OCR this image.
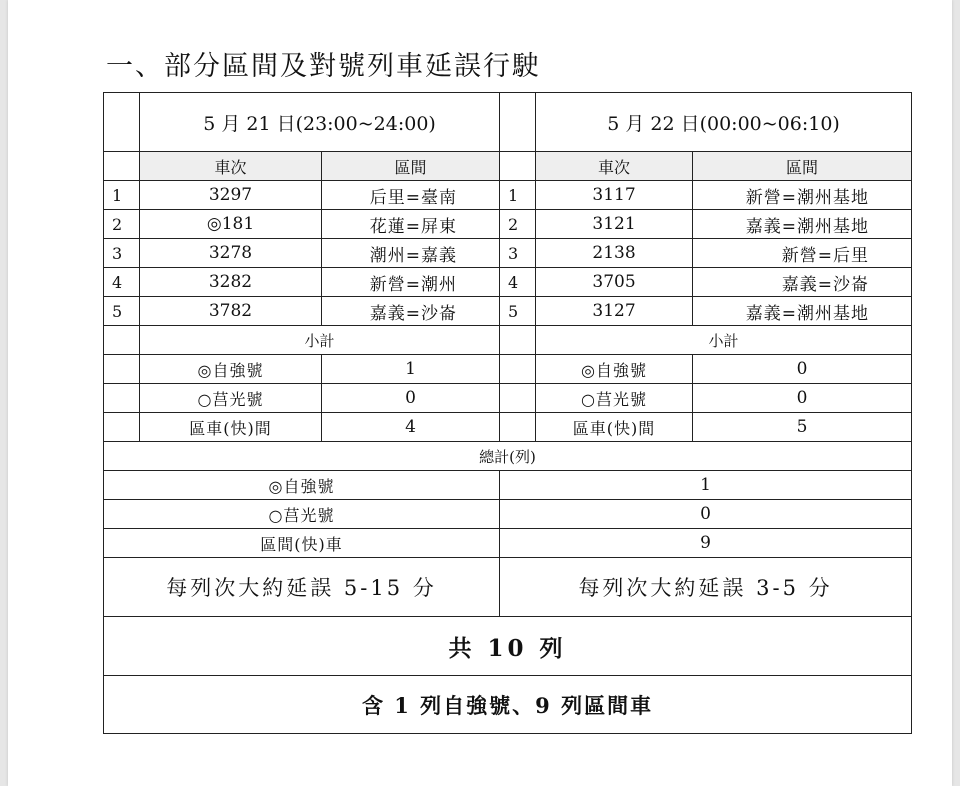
一、部分區間及對號列車延誤行駛
	5 月 21 日(23:00~24:00)			5 月 22 日(00:00~06:10)	
	車次	區間		車次	區間
1	3297	后里=臺南	1	3117	新營=潮州基地
2	◎181	花蓮=屏東	2	3121	嘉義=潮州基地
3	3278	潮州=嘉義	3	2138	新營=后里
4	3282	新營=潮州	4	3705	嘉義=沙崙
5	3782	嘉義=沙崙	5	3127	嘉義=潮州基地
	小計			小計	
	◎自強號	1		◎自強號	0
	○莒光號	0		○莒光號	0
	區車(快)間	4		區車(快)間	5
總計(列)					
◎自強號			1		
○莒光號			0		
區間(快)車			9		
每列次大約延誤 5-15 分			每列次大約延誤 3-5 分		
共 10 列					
含 1 列自強號、9 列區間車					
